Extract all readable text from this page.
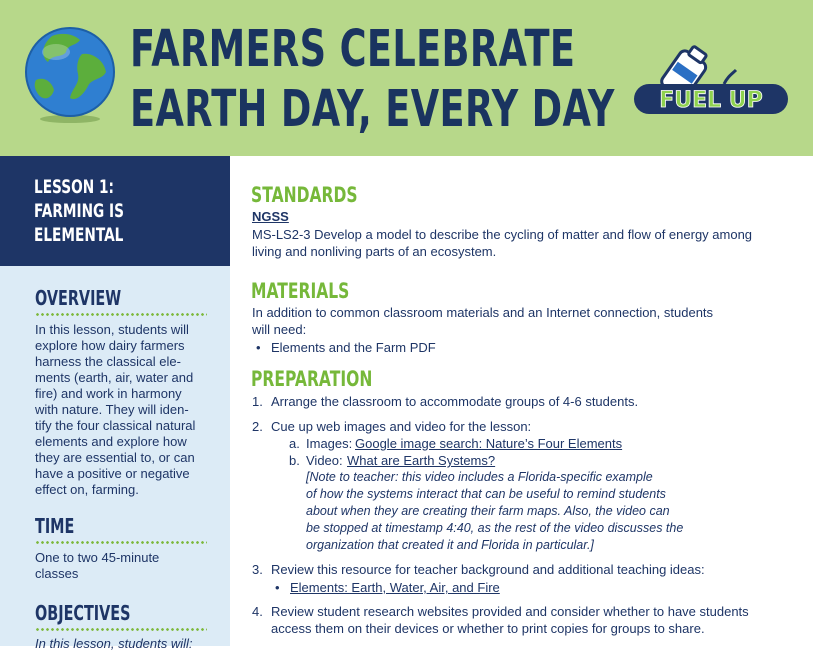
FARMERS CELEBRATE
EARTH DAY, EVERY DAY FUEL UP
LESSON 1:
FARMING IS
ELEMENTAL
OVERVIEW
In this lesson, students will
explore how dairy farmers
harness the classical ele-
ments (earth, air, water and
fire) and work in harmony
with nature. They will iden-
tify the four classical natural
elements and explore how
they are essential to, or can
have a positive or negative
effect on, farming.
TIME
One to two 45-minute
classes
OBJECTIVES
In this lesson, students will:
STANDARDS
NGSS
MS-LS2-3 Develop a model to describe the cycling of matter and flow of energy among
living and nonliving parts of an ecosystem.
MATERIALS
In addition to common classroom materials and an Internet connection, students
will need:
• Elements and the Farm PDF
PREPARATION
1. Arrange the classroom to accommodate groups of 4-6 students.
2. Cue up web images and video for the lesson:
a. Images: Google image search: Nature’s Four Elements
b. Video: What are Earth Systems?
[Note to teacher: this video includes a Florida-specific example
of how the systems interact that can be useful to remind students
about when they are creating their farm maps. Also, the video can
be stopped at timestamp 4:40, as the rest of the video discusses the
organization that created it and Florida in particular.]
3. Review this resource for teacher background and additional teaching ideas:
• Elements: Earth, Water, Air, and Fire
4. Review student research websites provided and consider whether to have students
access them on their devices or whether to print copies for groups to share.
